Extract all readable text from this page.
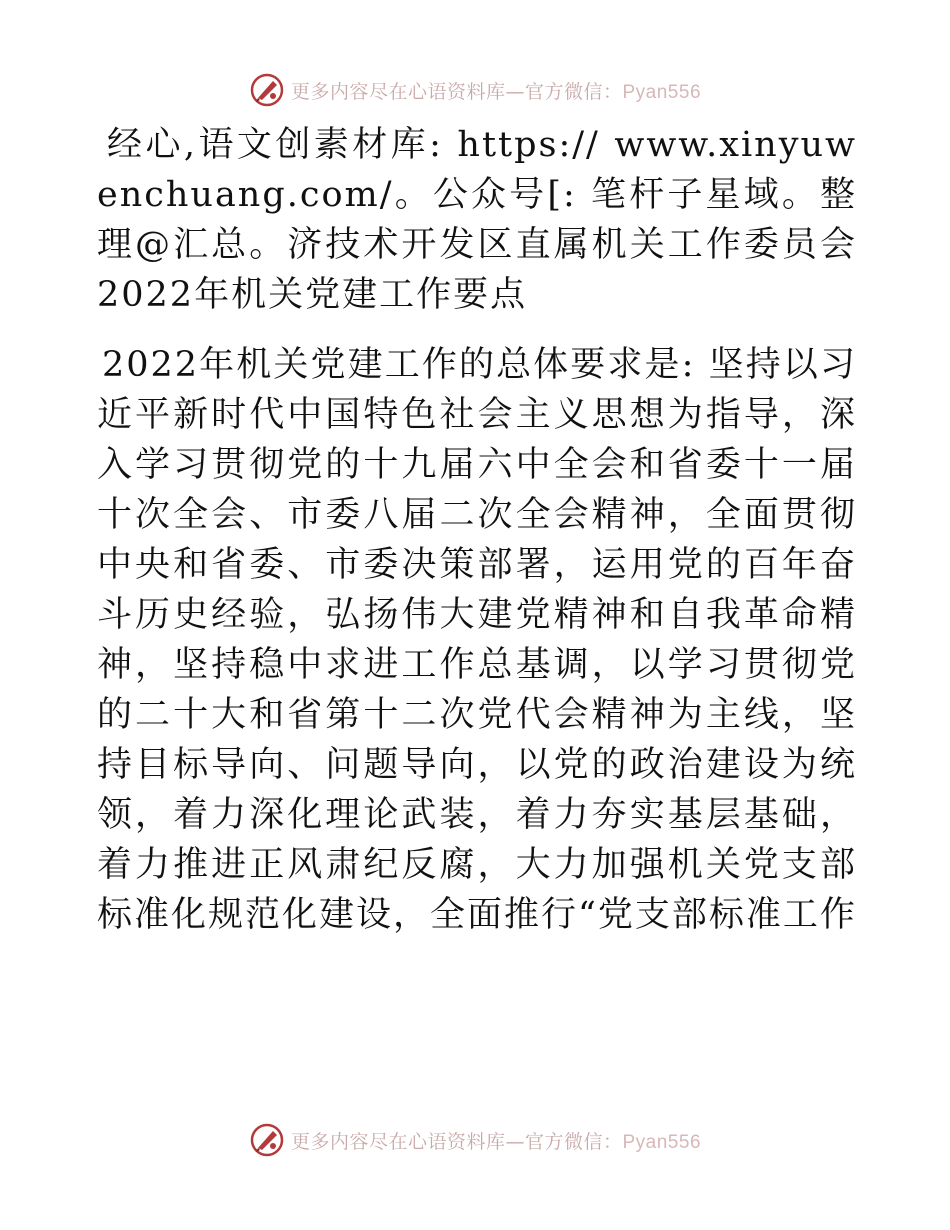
更多内容尽在心语资料库—官方微信：Pyan556

经心,语文创素材库: https:// www.xinyuwenchuang.com/。公众号[: 笔杆子星域。整理@汇总。济技术开发区直属机关工作委员会2022年机关党建工作要点

2022年机关党建工作的总体要求是: 坚持以习近平新时代中国特色社会主义思想为指导，深入学习贯彻党的十九届六中全会和省委十一届十次全会、市委八届二次全会精神，全面贯彻中央和省委、市委决策部署，运用党的百年奋斗历史经验，弘扬伟大建党精神和自我革命精神，坚持稳中求进工作总基调，以学习贯彻党的二十大和省第十二次党代会精神为主线，坚持目标导向、问题导向，以党的政治建设为统领，着力深化理论武装，着力夯实基层基础，着力推进正风肃纪反腐，大力加强机关党支部标准化规范化建设，全面推行“党支部标准工作

更多内容尽在心语资料库—官方微信：Pyan556
